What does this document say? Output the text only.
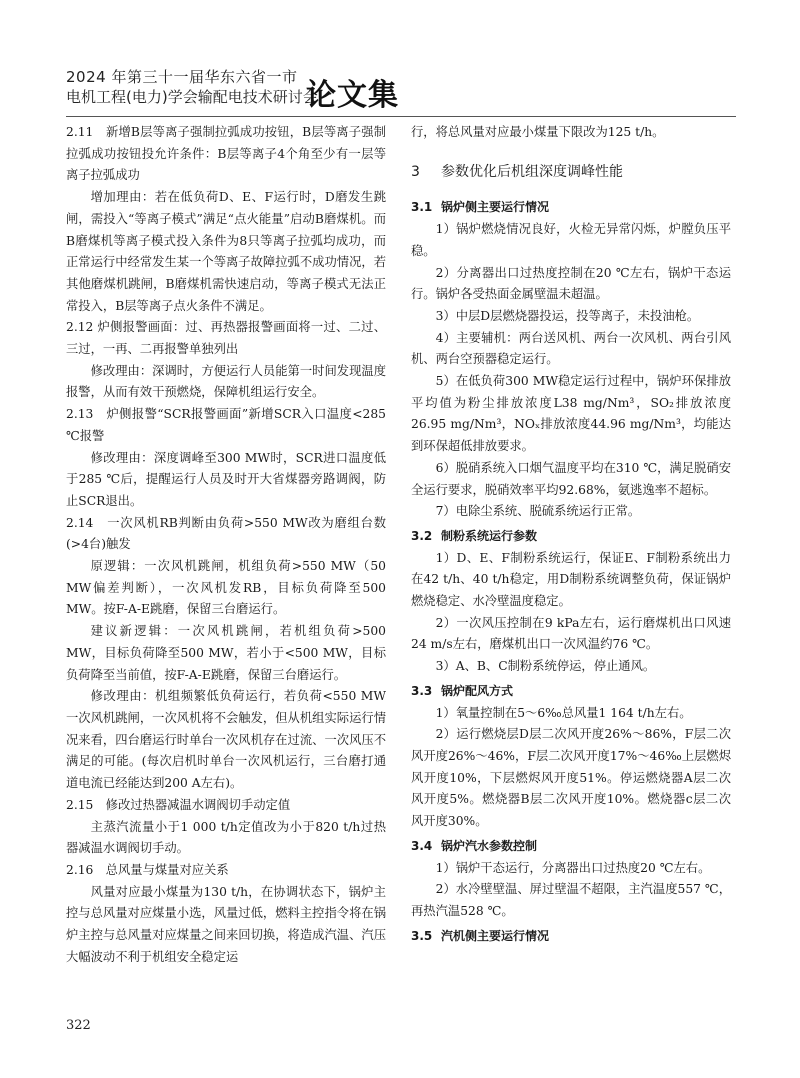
2024 年第三十一届华东六省一市
电机工程(电力)学会输配电技术研讨会
论文集

2.11　新增B层等离子强制拉弧成功按钮，B层等离子强制拉弧成功按钮投允许条件：B层等离子4个角至少有一层等离子拉弧成功

增加理由：若在低负荷D、E、F运行时，D磨发生跳闸，需投入“等离子模式”满足“点火能量”启动B磨煤机。而B磨煤机等离子模式投入条件为8只等离子拉弧均成功，而正常运行中经常发生某一个等离子故障拉弧不成功情况，若其他磨煤机跳闸，B磨煤机需快速启动，等离子模式无法正常投入，B层等离子点火条件不满足。

2.12 炉侧报警画面：过、再热器报警画面将一过、二过、三过，一再、二再报警单独列出

修改理由：深调时，方便运行人员能第一时间发现温度报警，从而有效干预燃烧，保障机组运行安全。

2.13　炉侧报警“SCR报警画面”新增SCR入口温度<285 ℃报警

修改理由：深度调峰至300 MW时，SCR进口温度低于285 ℃后，提醒运行人员及时开大省煤器旁路调阀，防止SCR退出。

2.14　一次风机RB判断由负荷>550 MW改为磨组台数(>4台)触发

原逻辑：一次风机跳闸，机组负荷>550 MW（50 MW偏差判断），一次风机发RB，目标负荷降至500 MW。按F-A-E跳磨，保留三台磨运行。

建议新逻辑：一次风机跳闸，若机组负荷>500 MW，目标负荷降至500 MW，若小于<500 MW，目标负荷降至当前值，按F-A-E跳磨，保留三台磨运行。

修改理由：机组频繁低负荷运行，若负荷<550 MW一次风机跳闸，一次风机将不会触发，但从机组实际运行情况来看，四台磨运行时单台一次风机存在过流、一次风压不满足的可能。(每次启机时单台一次风机运行，三台磨打通道电流已经能达到200 A左右)。

2.15　修改过热器减温水调阀切手动定值

主蒸汽流量小于1 000 t/h定值改为小于820 t/h过热器减温水调阀切手动。

2.16　总风量与煤量对应关系

风量对应最小煤量为130 t/h，在协调状态下，锅炉主控与总风量对应煤量小选，风量过低，燃料主控指令将在锅炉主控与总风量对应煤量之间来回切换，将造成汽温、汽压大幅波动不利于机组安全稳定运

行，将总风量对应最小煤量下限改为125 t/h。

3 参数优化后机组深度调峰性能

3.1 锅炉侧主要运行情况

1）锅炉燃烧情况良好，火检无异常闪烁，炉膛负压平稳。

2）分离器出口过热度控制在20 ℃左右，锅炉干态运行。锅炉各受热面金属壁温未超温。

3）中层D层燃烧器投运，投等离子，未投油枪。

4）主要辅机：两台送风机、两台一次风机、两台引风机、两台空预器稳定运行。

5）在低负荷300 MW稳定运行过程中，锅炉环保排放平均值为粉尘排放浓度L38 mg/Nm³，SO₂排放浓度26.95 mg/Nm³，NOₓ排放浓度44.96 mg/Nm³，均能达到环保超低排放要求。

6）脱硝系统入口烟气温度平均在310 ℃，满足脱硝安全运行要求，脱硝效率平均92.68%，氨逃逸率不超标。

7）电除尘系统、脱硫系统运行正常。

3.2 制粉系统运行参数

1）D、E、F制粉系统运行，保证E、F制粉系统出力在42 t/h、40 t/h稳定，用D制粉系统调整负荷，保证锅炉燃烧稳定、水冷壁温度稳定。

2）一次风压控制在9 kPa左右，运行磨煤机出口风速24 m/s左右，磨煤机出口一次风温约76 ℃。

3）A、B、C制粉系统停运，停止通风。

3.3 锅炉配风方式

1）氧量控制在5～6‰总风量1 164 t/h左右。

2）运行燃烧层D层二次风开度26%～86%，F层二次风开度26%～46%，F层二次风开度17%～46‰上层燃烬风开度10%，下层燃烬风开度51%。停运燃烧器A层二次风开度5%。燃烧器B层二次风开度10%。燃烧器c层二次风开度30%。

3.4 锅炉汽水参数控制

1）锅炉干态运行，分离器出口过热度20 ℃左右。

2）水冷壁壁温、屏过壁温不超限，主汽温度557 ℃，再热汽温528 ℃。

3.5 汽机侧主要运行情况

322
